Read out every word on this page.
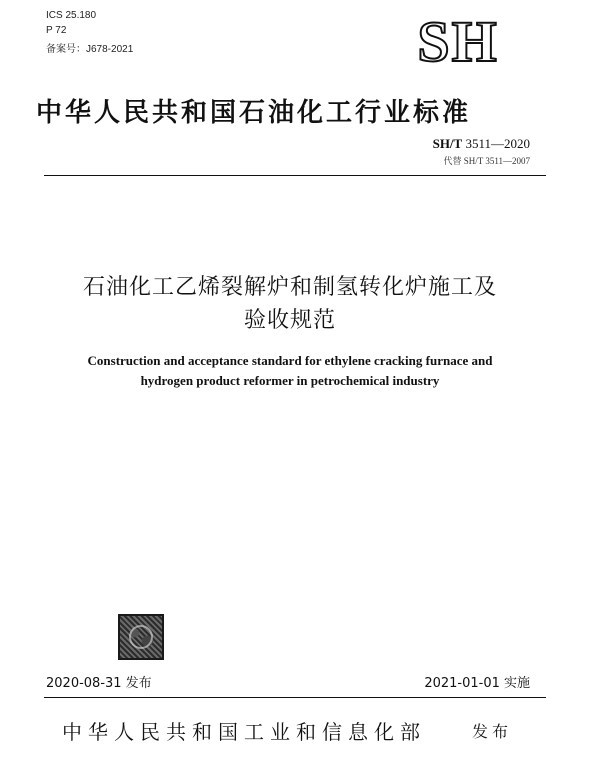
ICS 25.180
P 72
备案号：J678-2021	SH
中华人民共和国石油化工行业标准
SH/T 3511—2020
代替 SH/T 3511—2007
石油化工乙烯裂解炉和制氢转化炉施工及
验收规范
Construction and acceptance standard for ethylene cracking furnace and
hydrogen product reformer in petrochemical industry
2020-08-31 发布	2021-01-01 实施
中华人民共和国工业和信息化部	发布
